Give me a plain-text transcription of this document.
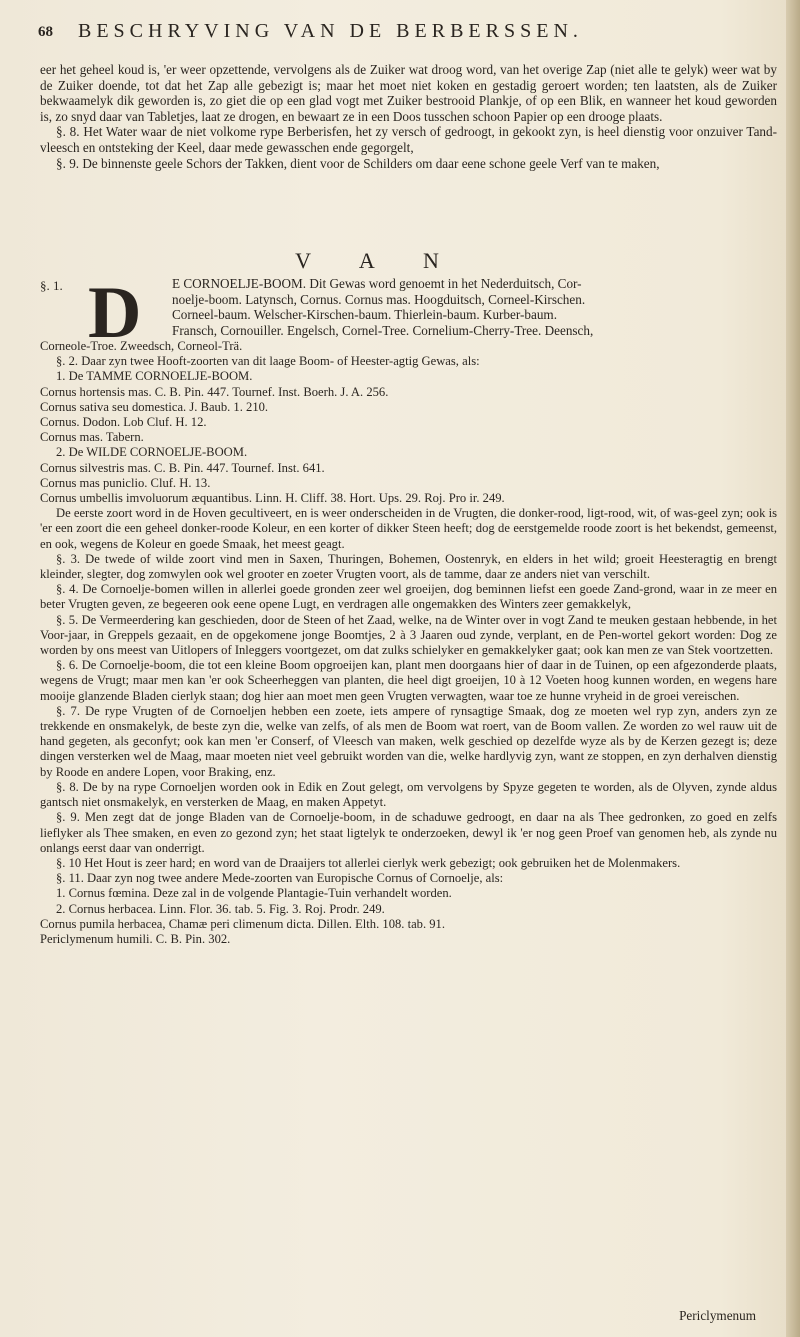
68 BESCHRYVING VAN DE BERBERSSEN.

eer het geheel koud is, 'er weer opzettende, vervolgens als de Zuiker wat droog word, van het overige Zap (niet alle te gelyk) weer wat by de Zuiker doende, tot dat het Zap alle gebezigt is; maar het moet niet koken en gestadig geroert worden; ten laatsten, als de Zuiker bekwaamelyk dik geworden is, zo giet die op een glad vogt met Zuiker bestrooid Plankje, of op een Blik, en wanneer het koud geworden is, zo snyd daar van Tabletjes, laat ze drogen, en bewaart ze in een Doos tusschen schoon Papier op een drooge plaats.

§. 8. Het Water waar de niet volkome rype Berberisfen, het zy versch of gedroogt, in gekookt zyn, is heel dienstig voor onzuiver Tand-vleesch en ontsteking der Keel, daar mede gewasschen ende gegorgelt,

§. 9. De binnenste geele Schors der Takken, dient voor de Schilders om daar eene schone geele Verf van te maken,

V A N
§. 1. D E CORNOELJE-BOOM. Dit Gewas word genoemt in het Nederduitsch, Cor-

noelje-boom. Latynsch, Cornus. Cornus mas. Hoogduitsch, Corneel-Kirschen.

Corneel-baum. Welscher-Kirschen-baum. Thierlein-baum. Kurber-baum.

Fransch, Cornouiller. Engelsch, Cornel-Tree. Cornelium-Cherry-Tree. Deensch,

Corneole-Troe. Zweedsch, Corneol-Trä.

§. 2. Daar zyn twee Hooft-zoorten van dit laage Boom- of Heester-agtig Gewas, als:

1. De TAMME CORNOELJE-BOOM.

Cornus hortensis mas. C. B. Pin. 447. Tournef. Inst. Boerh. J. A. 256.

Cornus sativa seu domestica. J. Baub. 1. 210.

Cornus. Dodon. Lob Cluf. H. 12.

Cornus mas. Tabern.

2. De WILDE CORNOELJE-BOOM.

Cornus silvestris mas. C. B. Pin. 447. Tournef. Inst. 641.

Cornus mas puniclio. Cluf. H. 13.

Cornus umbellis imvoluorum æquantibus. Linn. H. Cliff. 38. Hort. Ups. 29. Roj. Pro ir. 249.

De eerste zoort word in de Hoven gecultiveert, en is weer onderscheiden in de Vrugten, die donker-rood, ligt-rood, wit, of was-geel zyn; ook is 'er een zoort die een geheel donker-roode Koleur, en een korter of dikker Steen heeft; dog de eerstgemelde roode zoort is het bekendst, gemeenst, en ook, wegens de Koleur en goede Smaak, het meest geagt.

§. 3. De twede of wilde zoort vind men in Saxen, Thuringen, Bohemen, Oostenryk, en elders in het wild; groeit Heesteragtig en brengt kleinder, slegter, dog zomwylen ook wel grooter en zoeter Vrugten voort, als de tamme, daar ze anders niet van verschilt.

§. 4. De Cornoelje-bomen willen in allerlei goede gronden zeer wel groeijen, dog beminnen liefst een goede Zand-grond, waar in ze meer en beter Vrugten geven, ze begeeren ook eene opene Lugt, en verdragen alle ongemakken des Winters zeer gemakkelyk,

§. 5. De Vermeerdering kan geschieden, door de Steen of het Zaad, welke, na de Winter over in vogt Zand te meuken gestaan hebbende, in het Voor-jaar, in Greppels gezaait, en de opgekomene jonge Boomtjes, 2 à 3 Jaaren oud zynde, verplant, en de Pen-wortel gekort worden: Dog ze worden by ons meest van Uitlopers of Inleggers voortgezet, om dat zulks schielyker en gemakkelyker gaat; ook kan men ze van Stek voortzetten.

§. 6. De Cornoelje-boom, die tot een kleine Boom opgroeijen kan, plant men doorgaans hier of daar in de Tuinen, op een afgezonderde plaats, wegens de Vrugt; maar men kan 'er ook Scheerheggen van planten, die heel digt groeijen, 10 à 12 Voeten hoog kunnen worden, en wegens hare mooije glanzende Bladen cierlyk staan; dog hier aan moet men geen Vrugten verwagten, waar toe ze hunne vryheid in de groei vereischen.

§. 7. De rype Vrugten of de Cornoeljen hebben een zoete, iets ampere of rynsagtige Smaak, dog ze moeten wel ryp zyn, anders zyn ze trekkende en onsmakelyk, de beste zyn die, welke van zelfs, of als men de Boom wat roert, van de Boom vallen. Ze worden zo wel rauw uit de hand gegeten, als geconfyt; ook kan men 'er Conserf, of Vleesch van maken, welk geschied op dezelfde wyze als by de Kerzen gezegt is; deze dingen versterken wel de Maag, maar moeten niet veel gebruikt worden van die, welke hardlyvig zyn, want ze stoppen, en zyn derhalven dienstig by Roode en andere Lopen, voor Braking, enz.

§. 8. De by na rype Cornoeljen worden ook in Edik en Zout gelegt, om vervolgens by Spyze gegeten te worden, als de Olyven, zynde aldus gantsch niet onsmakelyk, en versterken de Maag, en maken Appetyt.

§. 9. Men zegt dat de jonge Bladen van de Cornoelje-boom, in de schaduwe gedroogt, en daar na als Thee gedronken, zo goed en zelfs lieflyker als Thee smaken, en even zo gezond zyn; het staat ligtelyk te onderzoeken, dewyl ik 'er nog geen Proef van genomen heb, als zynde nu onlangs eerst daar van onderrigt.

§. 10 Het Hout is zeer hard; en word van de Draaijers tot allerlei cierlyk werk gebezigt; ook gebruiken het de Molenmakers.

§. 11. Daar zyn nog twee andere Mede-zoorten van Europische Cornus of Cornoelje, als:

1. Cornus fœmina. Deze zal in de volgende Plantagie-Tuin verhandelt worden.

2. Cornus herbacea. Linn. Flor. 36. tab. 5. Fig. 3. Roj. Prodr. 249.

Cornus pumila herbacea, Chamæ peri climenum dicta. Dillen. Elth. 108. tab. 91.

Periclymenum humili. C. B. Pin. 302.

Periclymenum
